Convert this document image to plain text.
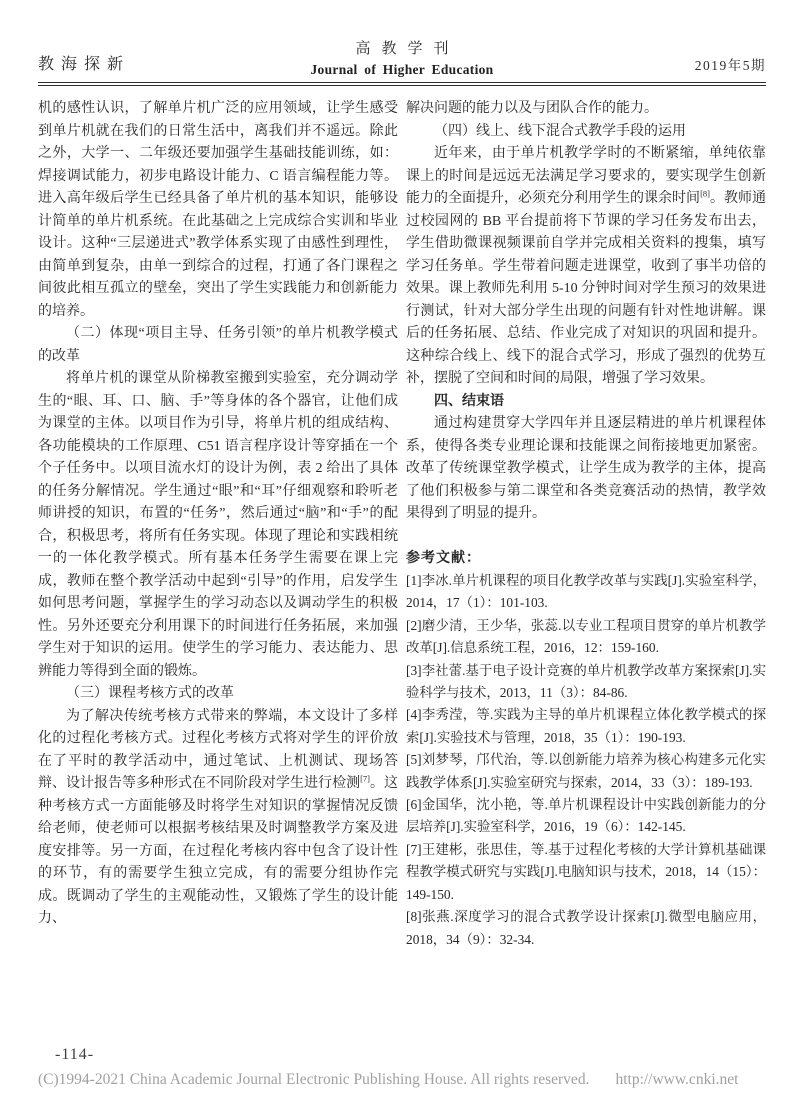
教海探新
高教学刊
Journal of Higher Education	2019年5期

机的感性认识，了解单片机广泛的应用领域，让学生感受到单片机就在我们的日常生活中，离我们并不遥远。除此之外，大学一、二年级还要加强学生基础技能训练，如：焊接调试能力，初步电路设计能力、C 语言编程能力等。进入高年级后学生已经具备了单片机的基本知识，能够设计简单的单片机系统。在此基础之上完成综合实训和毕业设计。这种“三层递进式”教学体系实现了由感性到理性，由简单到复杂，由单一到综合的过程，打通了各门课程之间彼此相互孤立的壁垒，突出了学生实践能力和创新能力的培养。

（二）体现“项目主导、任务引领”的单片机教学模式的改革

将单片机的课堂从阶梯教室搬到实验室，充分调动学生的“眼、耳、口、脑、手”等身体的各个器官，让他们成为课堂的主体。以项目作为引导，将单片机的组成结构、各功能模块的工作原理、C51 语言程序设计等穿插在一个个子任务中。以项目流水灯的设计为例，表 2 给出了具体的任务分解情况。学生通过“眼”和“耳”仔细观察和聆听老师讲授的知识，布置的“任务”，然后通过“脑”和“手”的配合，积极思考，将所有任务实现。体现了理论和实践相统一的一体化教学模式。所有基本任务学生需要在课上完成，教师在整个教学活动中起到“引导”的作用，启发学生如何思考问题，掌握学生的学习动态以及调动学生的积极性。另外还要充分利用课下的时间进行任务拓展，来加强学生对于知识的运用。使学生的学习能力、表达能力、思辨能力等得到全面的锻炼。

（三）课程考核方式的改革

为了解决传统考核方式带来的弊端，本文设计了多样化的过程化考核方式。过程化考核方式将对学生的评价放在了平时的教学活动中，通过笔试、上机测试、现场答辩、设计报告等多种形式在不同阶段对学生进行检测[7]。这种考核方式一方面能够及时将学生对知识的掌握情况反馈给老师，使老师可以根据考核结果及时调整教学方案及进度安排等。另一方面，在过程化考核内容中包含了设计性的环节，有的需要学生独立完成，有的需要分组协作完成。既调动了学生的主观能动性，又锻炼了学生的设计能力、

解决问题的能力以及与团队合作的能力。

（四）线上、线下混合式教学手段的运用

近年来，由于单片机教学学时的不断紧缩，单纯依靠课上的时间是远远无法满足学习要求的，要实现学生创新能力的全面提升，必须充分利用学生的课余时间[8]。教师通过校园网的 BB 平台提前将下节课的学习任务发布出去，学生借助微课视频课前自学并完成相关资料的搜集，填写学习任务单。学生带着问题走进课堂，收到了事半功倍的效果。课上教师先利用 5-10 分钟时间对学生预习的效果进行测试，针对大部分学生出现的问题有针对性地讲解。课后的任务拓展、总结、作业完成了对知识的巩固和提升。这种综合线上、线下的混合式学习，形成了强烈的优势互补，摆脱了空间和时间的局限，增强了学习效果。

四、结束语

通过构建贯穿大学四年并且逐层精进的单片机课程体系，使得各类专业理论课和技能课之间衔接地更加紧密。改革了传统课堂教学模式，让学生成为教学的主体，提高了他们积极参与第二课堂和各类竞赛活动的热情，教学效果得到了明显的提升。

参考文献：

[1]李冰.单片机课程的项目化教学改革与实践[J].实验室科学，2014，17（1）：101-103.

[2]磨少清，王少华，张蕊.以专业工程项目贯穿的单片机教学改革[J].信息系统工程，2016，12：159-160.

[3]李社蕾.基于电子设计竞赛的单片机教学改革方案探索[J].实验科学与技术，2013，11（3）：84-86.

[4]李秀滢，等.实践为主导的单片机课程立体化教学模式的探索[J].实验技术与管理，2018，35（1）：190-193.

[5]刘梦琴，邝代治，等.以创新能力培养为核心构建多元化实践教学体系[J].实验室研究与探索，2014，33（3）：189-193.

[6]金国华，沈小艳，等.单片机课程设计中实践创新能力的分层培养[J].实验室科学，2016，19（6）：142-145.

[7]王建彬，张思佳，等.基于过程化考核的大学计算机基础课程教学模式研究与实践[J].电脑知识与技术，2018，14（15）：149-150.

[8]张燕.深度学习的混合式教学设计探索[J].微型电脑应用，2018，34（9）：32-34.

-114-
(C)1994-2021 China Academic Journal Electronic Publishing House. All rights reserved. http://www.cnki.net
